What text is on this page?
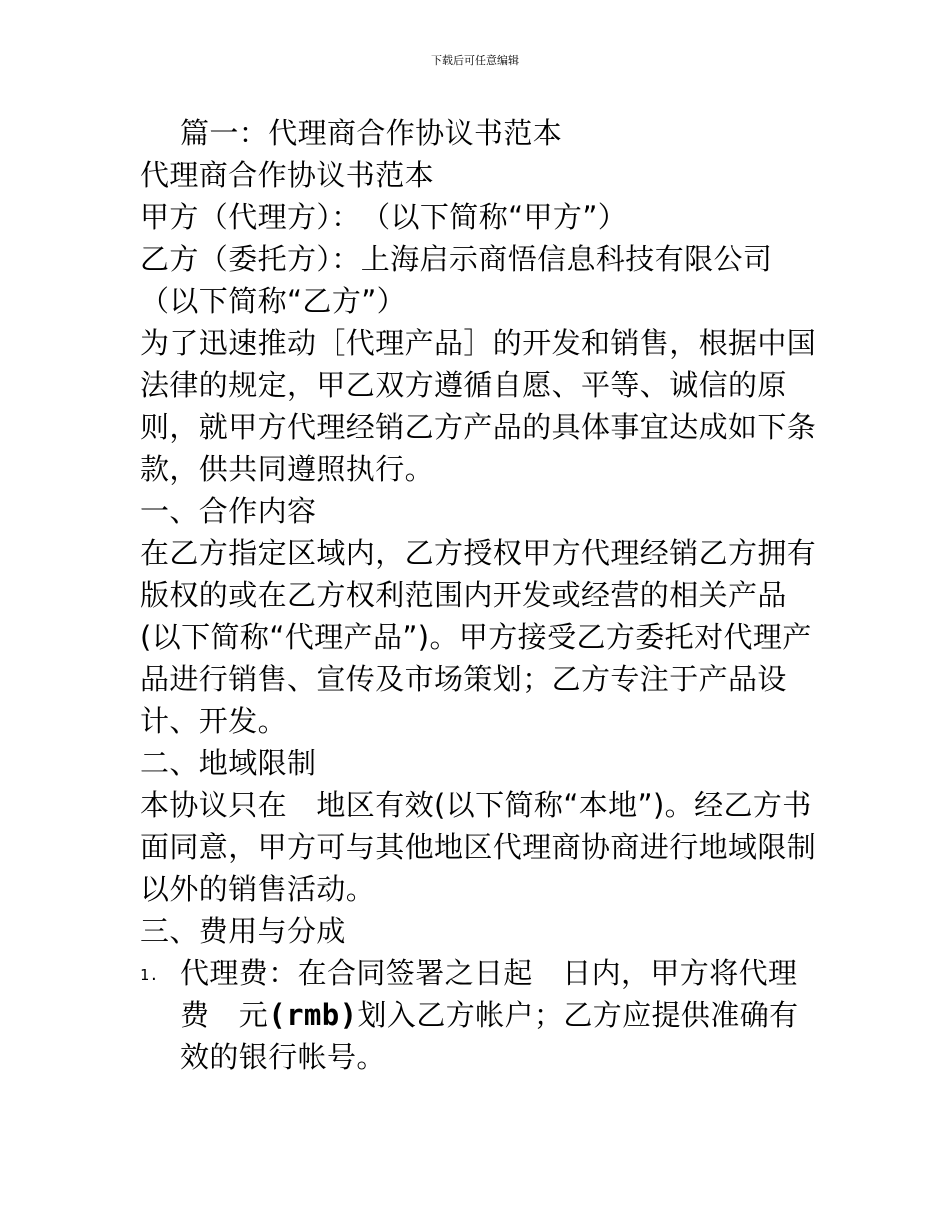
下载后可任意编辑

篇一：代理商合作协议书范本

代理商合作协议书范本

甲方（代理方）：　（以下简称“甲方”）

乙方（委托方）：上海启示商悟信息科技有限公司（以下简称“乙方”）

为了迅速推动［代理产品］的开发和销售，根据中国法律的规定，甲乙双方遵循自愿、平等、诚信的原则，就甲方代理经销乙方产品的具体事宜达成如下条款，供共同遵照执行。

一、合作内容

在乙方指定区域内，乙方授权甲方代理经销乙方拥有版权的或在乙方权利范围内开发或经营的相关产品(以下简称“代理产品”)。甲方接受乙方委托对代理产品进行销售、宣传及市场策划；乙方专注于产品设计、开发。

二、地域限制

本协议只在　地区有效(以下简称“本地”)。经乙方书面同意，甲方可与其他地区代理商协商进行地域限制以外的销售活动。

三、费用与分成

1. 代理费：在合同签署之日起　日内，甲方将代理费　元(rmb)划入乙方帐户；乙方应提供准确有效的银行帐号。
